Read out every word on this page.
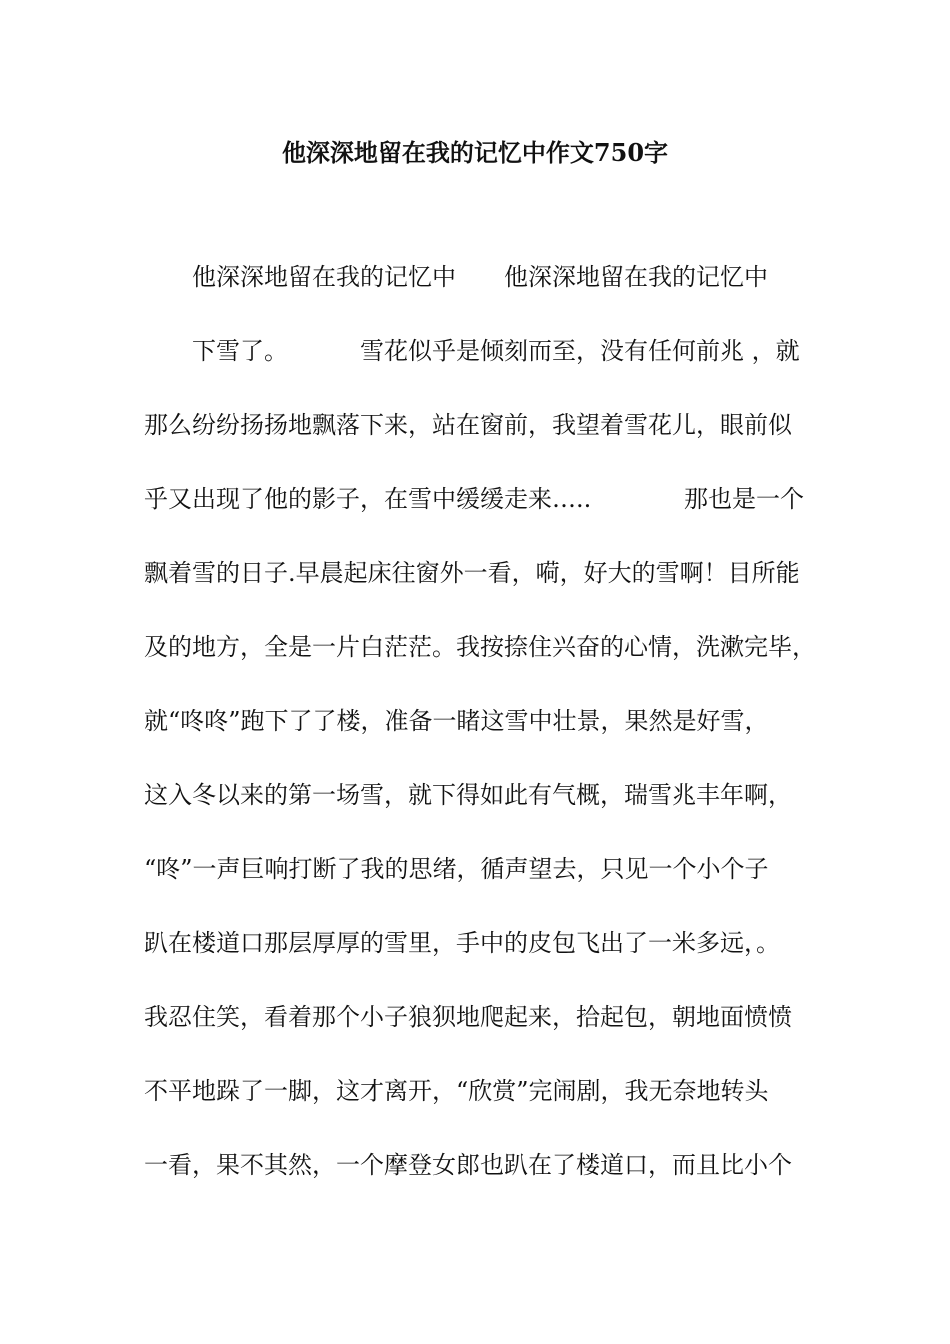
他深深地留在我的记忆中作文750字
他深深地留在我的记忆中 他深深地留在我的记忆中
下雪了。	雪花似乎是倾刻而至，没有任何前兆 ，就
那么纷纷扬扬地飘落下来，站在窗前，我望着雪花儿，眼前似
乎又出现了他的影子，在雪中缓缓走来…..	那也是一个
飘着雪的日子.早晨起床往窗外一看，嗬，好大的雪啊！目所能
及的地方，全是一片白茫茫。我按捺住兴奋的心情，洗漱完毕，
就“咚咚”跑下了了楼，准备一睹这雪中壮景，果然是好雪，
这入冬以来的第一场雪，就下得如此有气概，瑞雪兆丰年啊，
“咚”一声巨响打断了我的思绪，循声望去，只见一个小个子
趴在楼道口那层厚厚的雪里，手中的皮包飞出了一米多远，。
我忍住笑，看着那个小子狼狈地爬起来，拾起包，朝地面愤愤
不平地跺了一脚，这才离开，“欣赏”完闹剧，我无奈地转头
一看，果不其然，一个摩登女郎也趴在了楼道口，而且比小个
